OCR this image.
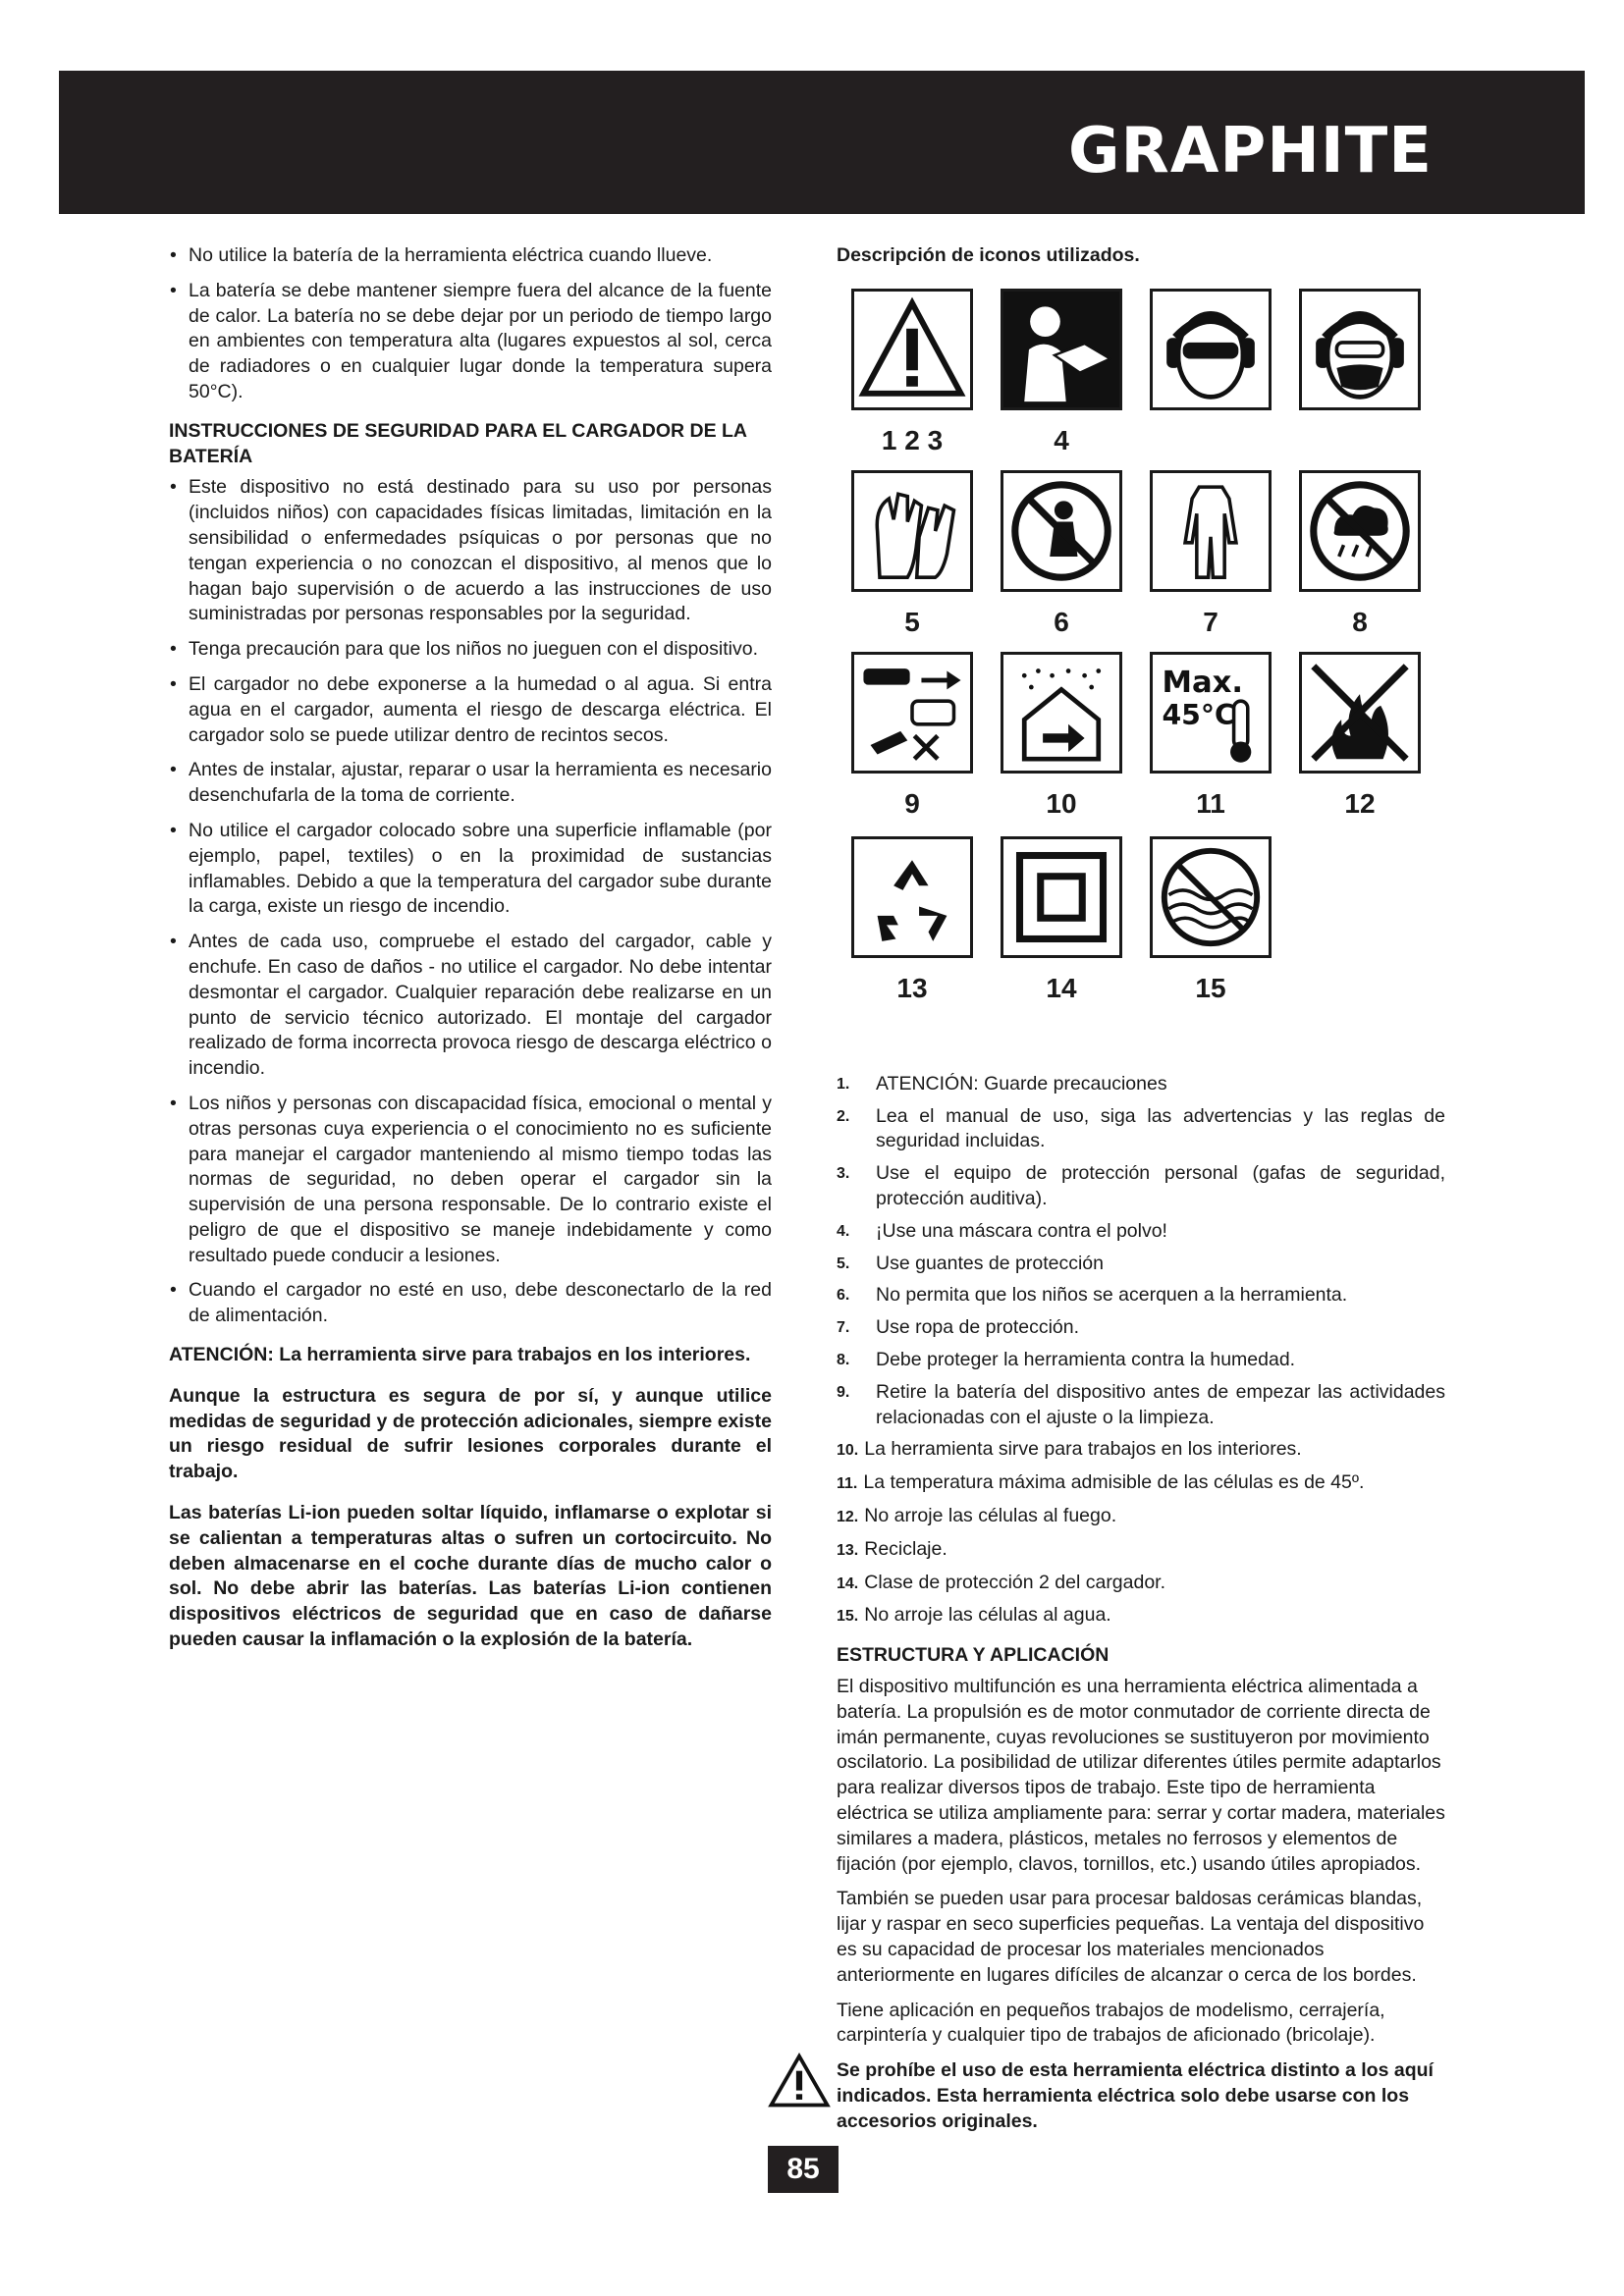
GRAPHITE
• No utilice la batería de la herramienta eléctrica cuando llueve.
• La batería se debe mantener siempre fuera del alcance de la fuente de calor. La batería no se debe dejar por un periodo de tiempo largo en ambientes con temperatura alta (lugares expuestos al sol, cerca de radiadores o en cualquier lugar donde la temperatura supera 50°C).
INSTRUCCIONES DE SEGURIDAD PARA EL CARGADOR DE LA BATERÍA
• Este dispositivo no está destinado para su uso por personas (incluidos niños) con capacidades físicas limitadas, limitación en la sensibilidad o enfermedades psíquicas o por personas que no tengan experiencia o no conozcan el dispositivo, al menos que lo hagan bajo supervisión o de acuerdo a las instrucciones de uso suministradas por personas responsables por la seguridad.
• Tenga precaución para que los niños no jueguen con el dispositivo.
• El cargador no debe exponerse a la humedad o al agua. Si entra agua en el cargador, aumenta el riesgo de descarga eléctrica. El cargador solo se puede utilizar dentro de recintos secos.
• Antes de instalar, ajustar, reparar o usar la herramienta es necesario desenchufarla de la toma de corriente.
• No utilice el cargador colocado sobre una superficie inflamable (por ejemplo, papel, textiles) o en la proximidad de sustancias inflamables. Debido a que la temperatura del cargador sube durante la carga, existe un riesgo de incendio.
• Antes de cada uso, compruebe el estado del cargador, cable y enchufe. En caso de daños - no utilice el cargador. No debe intentar desmontar el cargador. Cualquier reparación debe realizarse en un punto de servicio técnico autorizado. El montaje del cargador realizado de forma incorrecta provoca riesgo de descarga eléctrico o incendio.
• Los niños y personas con discapacidad física, emocional o mental y otras personas cuya experiencia o el conocimiento no es suficiente para manejar el cargador manteniendo al mismo tiempo todas las normas de seguridad, no deben operar el cargador sin la supervisión de una persona responsable. De lo contrario existe el peligro de que el dispositivo se maneje indebidamente y como resultado puede conducir a lesiones.
• Cuando el cargador no esté en uso, debe desconectarlo de la red de alimentación.
ATENCIÓN: La herramienta sirve para trabajos en los interiores.
Aunque la estructura es segura de por sí, y aunque utilice medidas de seguridad y de protección adicionales, siempre existe un riesgo residual de sufrir lesiones corporales durante el trabajo.
Las baterías Li-ion pueden soltar líquido, inflamarse o explotar si se calientan a temperaturas altas o sufren un cortocircuito. No deben almacenarse en el coche durante días de mucho calor o sol. No debe abrir las baterías. Las baterías Li-ion contienen dispositivos eléctricos de seguridad que en caso de dañarse pueden causar la inflamación o la explosión de la batería.
Descripción de iconos utilizados.
1 2 3	4
5	6	7	8
Max.
45°C
9	10	11	12
13	14	15
1. ATENCIÓN: Guarde precauciones
2. Lea el manual de uso, siga las advertencias y las reglas de seguridad incluidas.
3. Use el equipo de protección personal (gafas de seguridad, protección auditiva).
4. ¡Use una máscara contra el polvo!
5. Use guantes de protección
6. No permita que los niños se acerquen a la herramienta.
7. Use ropa de protección.
8. Debe proteger la herramienta contra la humedad.
9. Retire la batería del dispositivo antes de empezar las actividades relacionadas con el ajuste o la limpieza.
10. La herramienta sirve para trabajos en los interiores.
11. La temperatura máxima admisible de las células es de 45º.
12. No arroje las células al fuego.
13. Reciclaje.
14. Clase de protección 2 del cargador.
15. No arroje las células al agua.
ESTRUCTURA Y APLICACIÓN
El dispositivo multifunción es una herramienta eléctrica alimentada a batería. La propulsión es de motor conmutador de corriente directa de imán permanente, cuyas revoluciones se sustituyeron por movimiento oscilatorio. La posibilidad de utilizar diferentes útiles permite adaptarlos para realizar diversos tipos de trabajo. Este tipo de herramienta eléctrica se utiliza ampliamente para: serrar y cortar madera, materiales similares a madera, plásticos, metales no ferrosos y elementos de fijación (por ejemplo, clavos, tornillos, etc.) usando útiles apropiados.
También se pueden usar para procesar baldosas cerámicas blandas, lijar y raspar en seco superficies pequeñas. La ventaja del dispositivo es su capacidad de procesar los materiales mencionados anteriormente en lugares difíciles de alcanzar o cerca de los bordes.
Tiene aplicación en pequeños trabajos de modelismo, cerrajería, carpintería y cualquier tipo de trabajos de aficionado (bricolaje).
Se prohíbe el uso de esta herramienta eléctrica distinto a los aquí indicados. Esta herramienta eléctrica solo debe usarse con los accesorios originales.
85
